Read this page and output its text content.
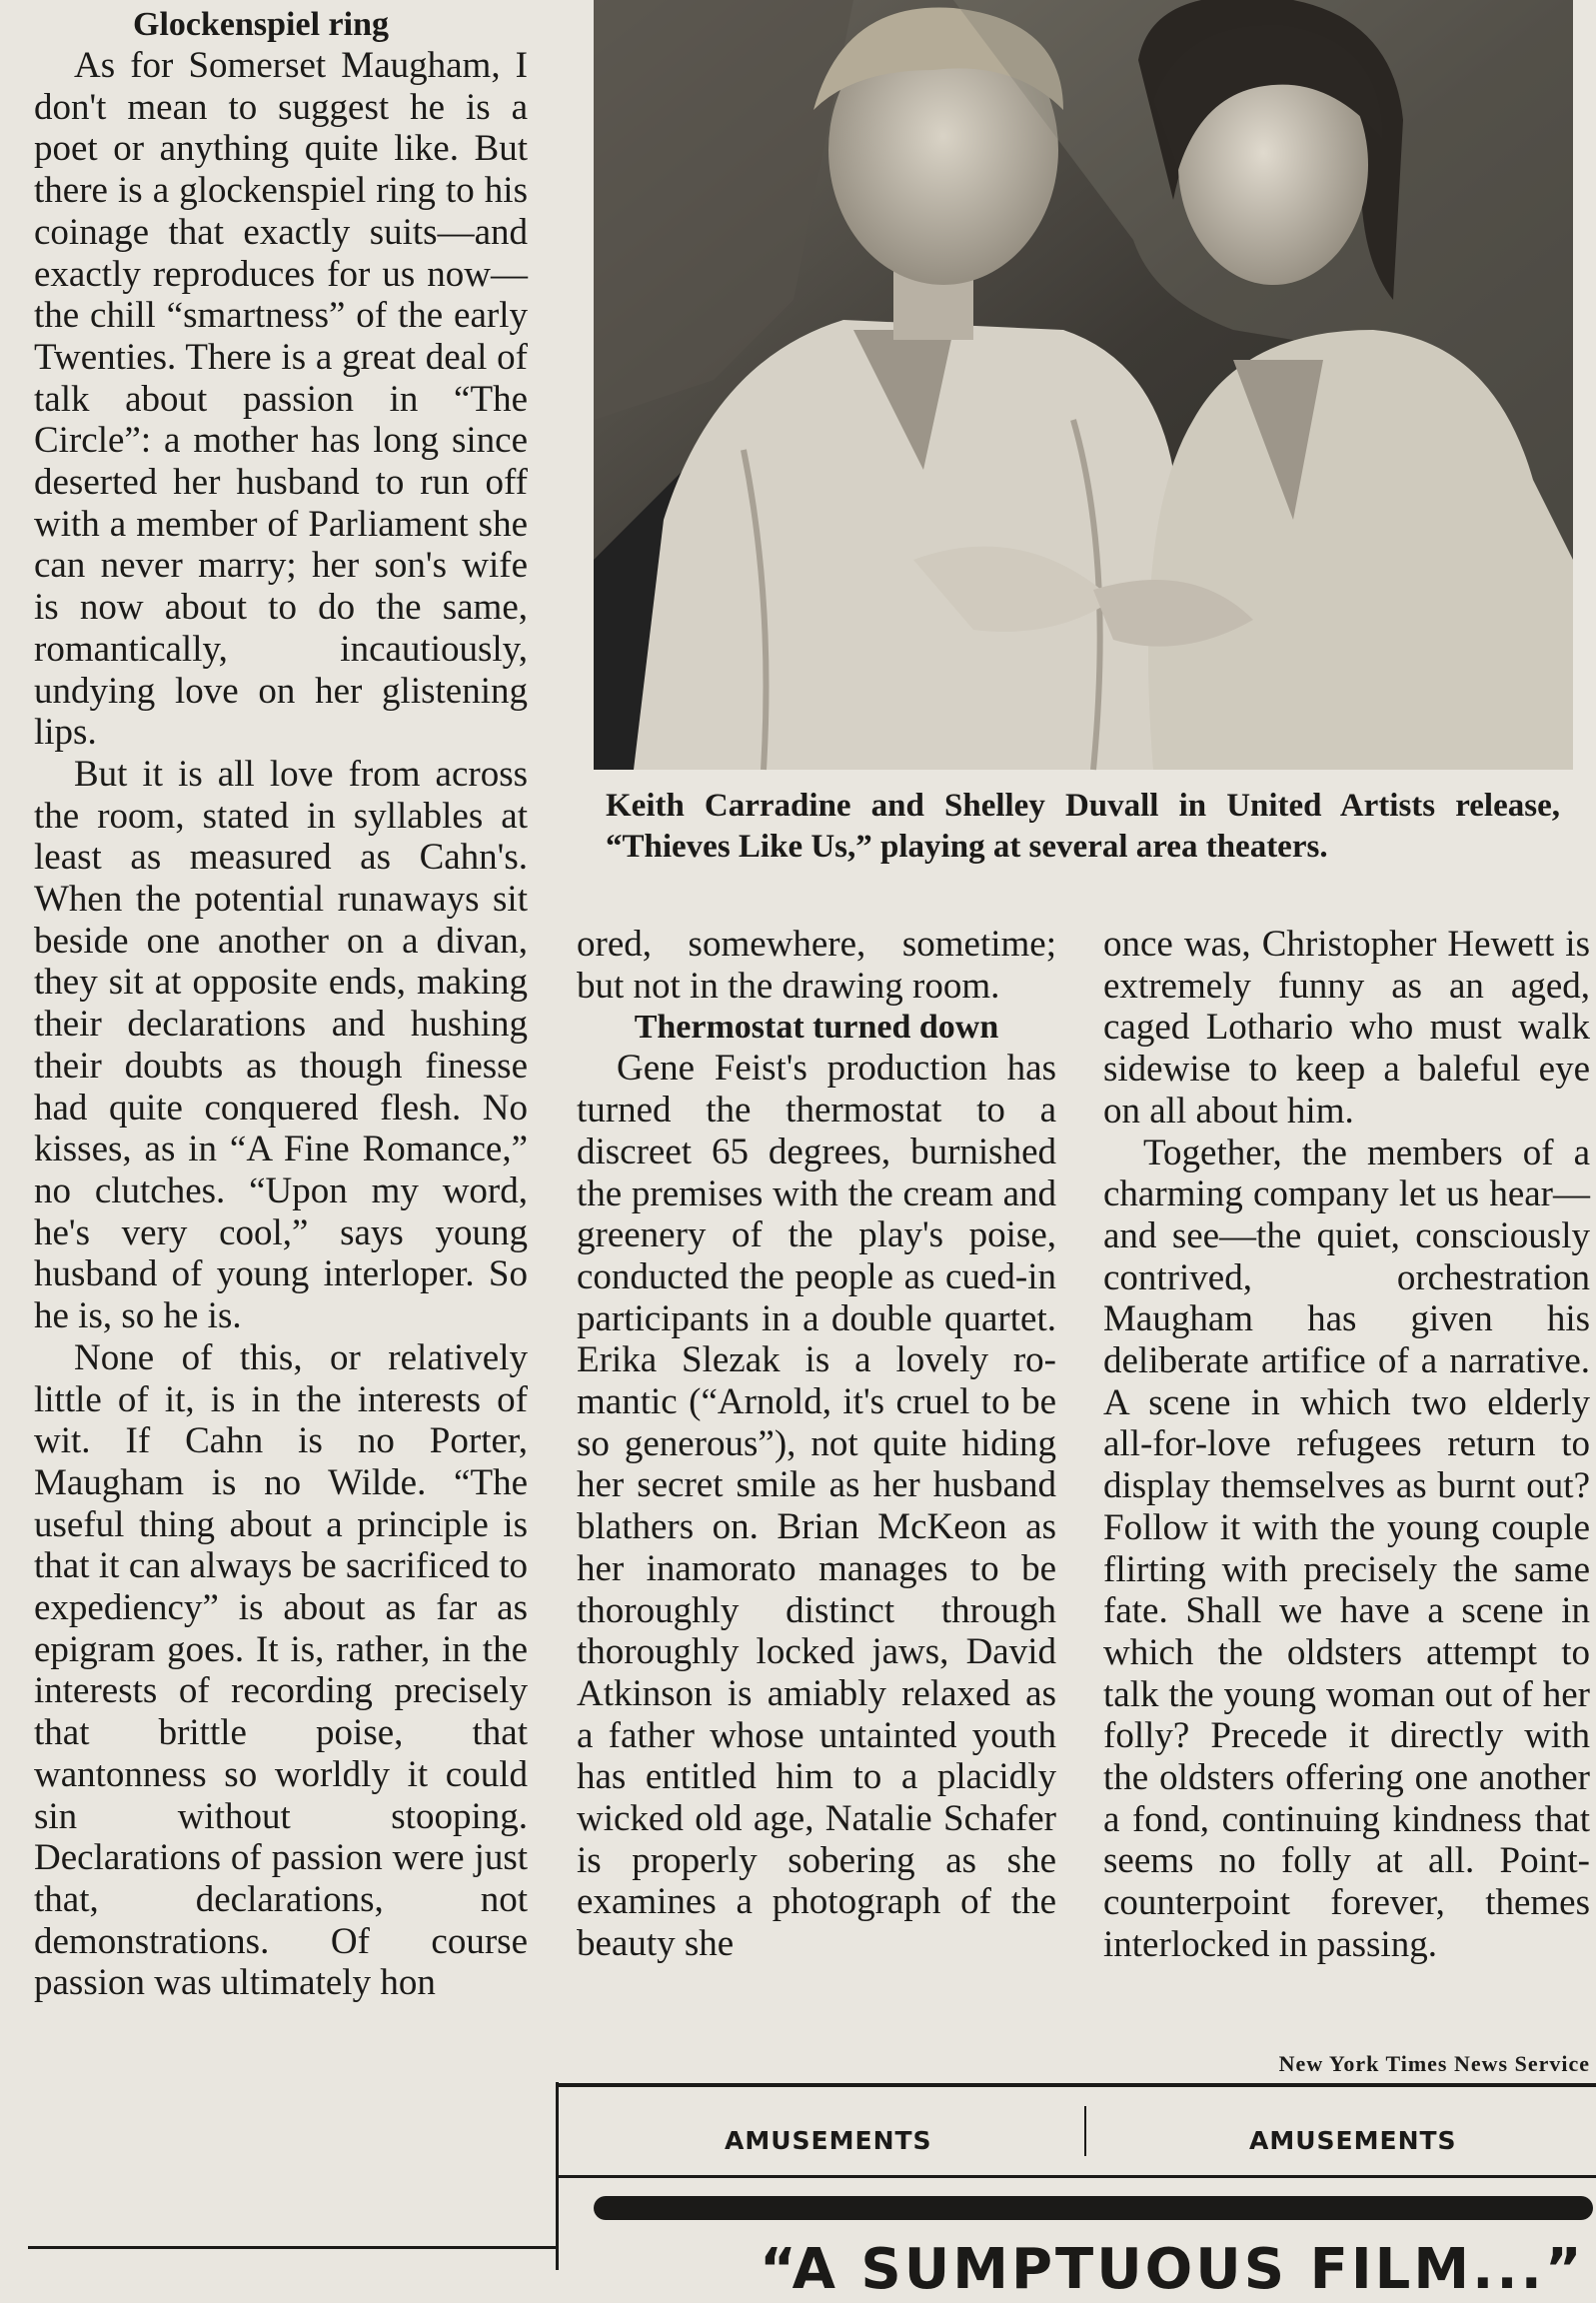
Glockenspiel ring

As for Somerset Maugham, I don't mean to suggest he is a poet or anything quite like. But there is a glockenspiel ring to his coinage that exactly suits—and exactly reproduces for us now—the chill “smartness” of the early Twenties. There is a great deal of talk about passion in “The Circle”: a mother has long since deserted her husband to run off with a member of Parliament she can never marry; her son's wife is now about to do the same, romantically, incautiously, undying love on her glistening lips.

But it is all love from across the room, stated in syllables at least as measured as Cahn's. When the potential runaways sit beside one another on a divan, they sit at opposite ends, making their declarations and hushing their doubts as though finesse had quite conquered flesh. No kisses, as in “A Fine Romance,” no clutches. “Upon my word, he's very cool,” says young husband of young interloper. So he is, so he is.

None of this, or relatively little of it, is in the interests of wit. If Cahn is no Porter, Maugham is no Wilde. “The useful thing about a principle is that it can always be sacrificed to expediency” is about as far as epigram goes. It is, rather, in the interests of recording precisely that brittle poise, that wantonness so worldly it could sin without stooping. Declarations of passion were just that, declarations, not demonstrations. Of course passion was ultimately hon

Keith Carradine and Shelley Duvall in United Artists release, “Thieves Like Us,” playing at several area theaters.

ored, somewhere, sometime; but not in the drawing room.

Thermostat turned down

Gene Feist's production has turned the thermostat to a discreet 65 degrees, burnished the premises with the cream and greenery of the play's poise, conducted the people as cued-in participants in a double quartet. Erika Slezak is a lovely romantic (“Arnold, it's cruel to be so generous”), not quite hiding her secret smile as her husband blathers on. Brian McKeon as her inamorato manages to be thoroughly distinct through thoroughly locked jaws, David Atkinson is amiably relaxed as a father whose untainted youth has entitled him to a placidly wicked old age, Natalie Schafer is properly sobering as she examines a photograph of the beauty she

once was, Christopher Hewett is extremely funny as an aged, caged Lothario who must walk sidewise to keep a baleful eye on all about him.

Together, the members of a charming company let us hear—and see—the quiet, consciously contrived, orchestration Maugham has given his deliberate artifice of a narrative. A scene in which two elderly all-for-love refugees return to display themselves as burnt out? Follow it with the young couple flirting with precisely the same fate. Shall we have a scene in which the oldsters attempt to talk the young woman out of her folly? Precede it directly with the oldsters offering one another a fond, continuing kindness that seems no folly at all. Point-counterpoint forever, themes interlocked in passing.

New York Times News Service
AMUSEMENTS	AMUSEMENTS
“A SUMPTUOUS FILM...”
